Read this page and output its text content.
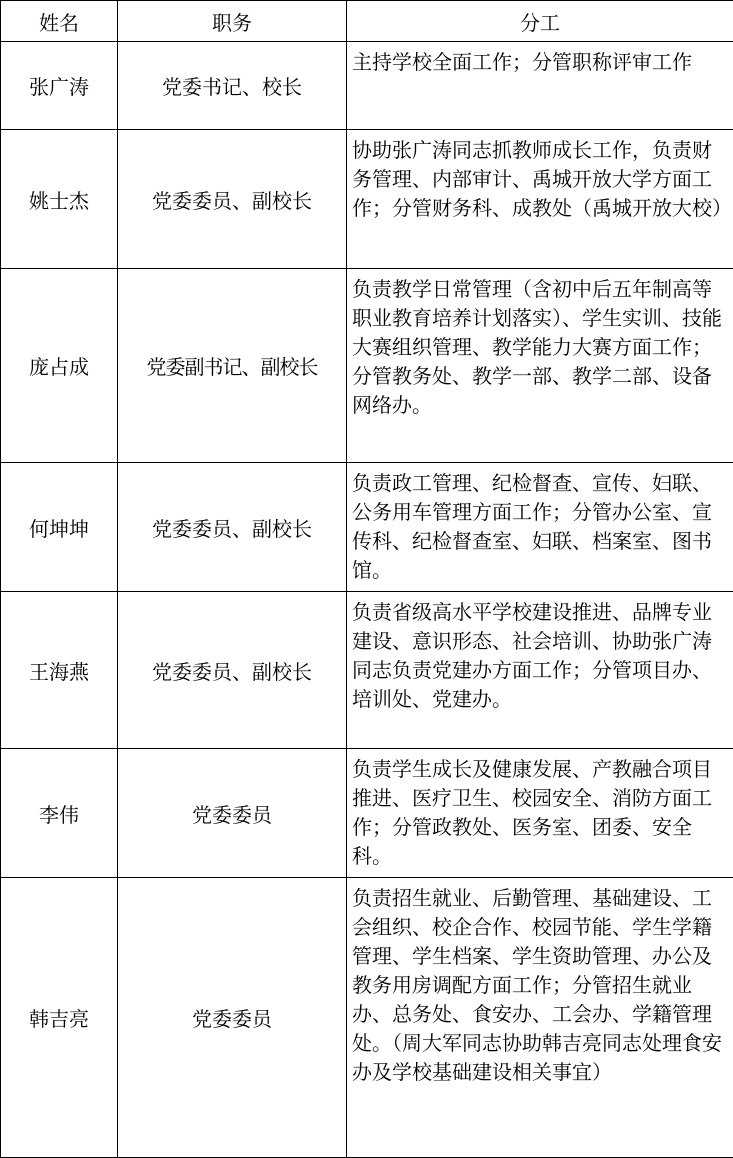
姓名	职务	分工
张广涛	党委书记、校长	主持学校全面工作；分管职称评审工作
姚士杰	党委委员、副校长	协助张广涛同志抓教师成长工作，负责财务管理、内部审计、禹城开放大学方面工作；分管财务科、成教处（禹城开放大校）
庞占成	党委副书记、副校长	负责教学日常管理（含初中后五年制高等职业教育培养计划落实）、学生实训、技能大赛组织管理、教学能力大赛方面工作；分管教务处、教学一部、教学二部、设备网络办。
何坤坤	党委委员、副校长	负责政工管理、纪检督查、宣传、妇联、公务用车管理方面工作；分管办公室、宣传科、纪检督查室、妇联、档案室、图书馆。
王海燕	党委委员、副校长	负责省级高水平学校建设推进、品牌专业建设、意识形态、社会培训、协助张广涛同志负责党建办方面工作；分管项目办、培训处、党建办。
李伟	党委委员	负责学生成长及健康发展、产教融合项目推进、医疗卫生、校园安全、消防方面工作；分管政教处、医务室、团委、安全科。
韩吉亮	党委委员	负责招生就业、后勤管理、基础建设、工会组织、校企合作、校园节能、学生学籍管理、学生档案、学生资助管理、办公及教务用房调配方面工作；分管招生就业办、总务处、食安办、工会办、学籍管理处。（周大军同志协助韩吉亮同志处理食安办及学校基础建设相关事宜）
